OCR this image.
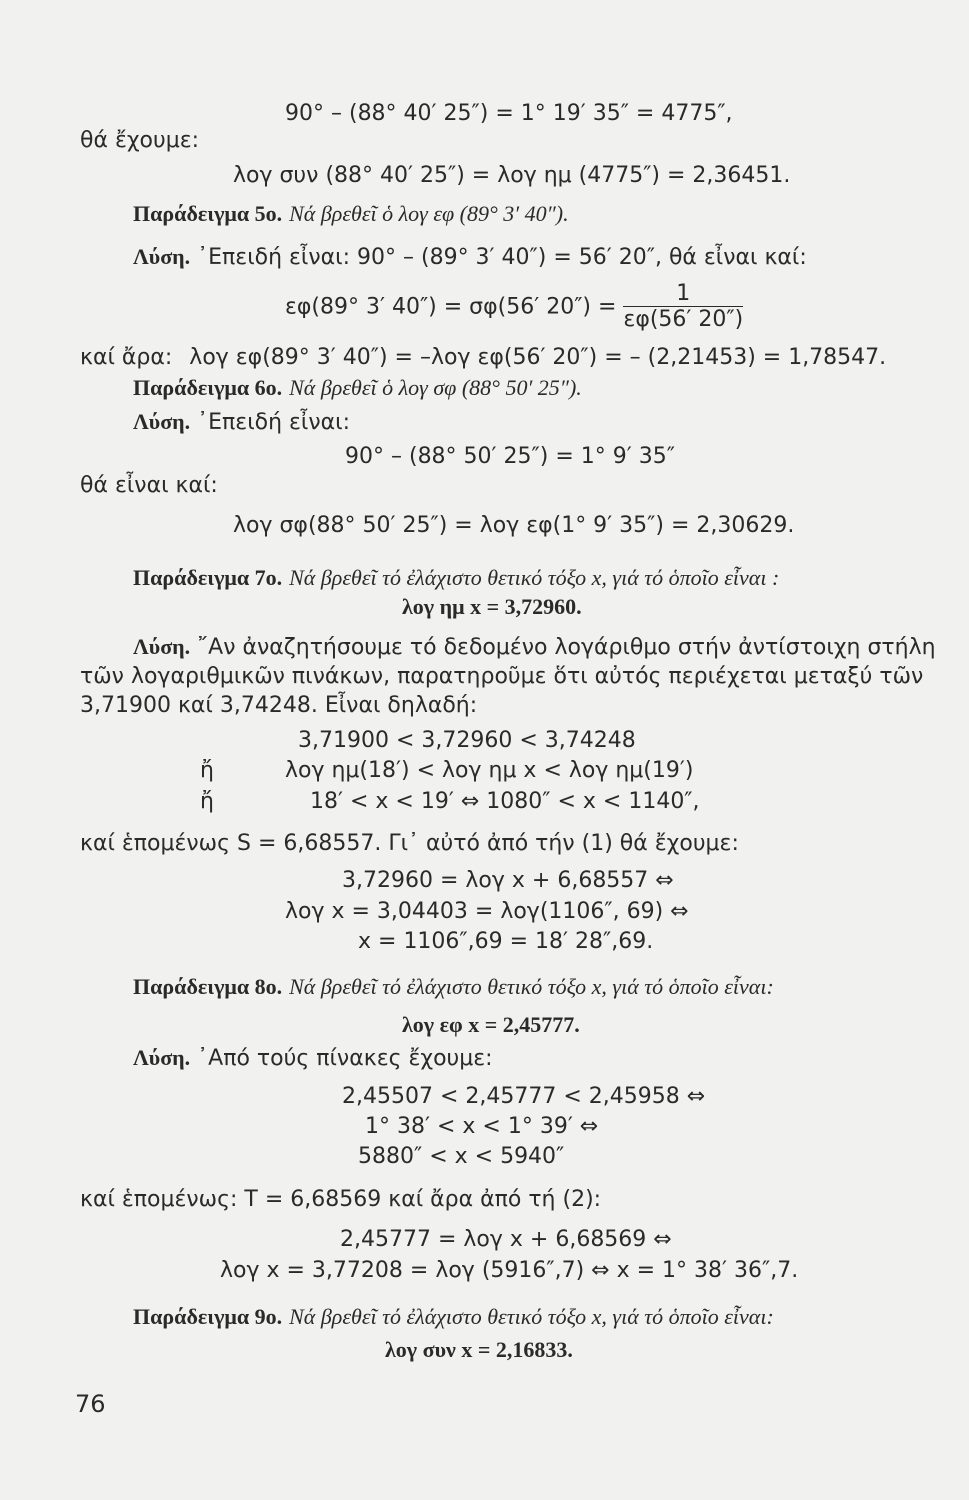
90° – (88° 40′ 25″) = 1° 19′ 35″ = 4775″,
θά ἔχουμε:
λογ συν (88° 40′ 25″) = λογ ημ (4775″) = 2,36451.
Παράδειγμα 5ο. Νά βρεθεῖ ὁ λογ εφ (89° 3′ 40″).
Λύση. ᾿Επειδή εἶναι: 90° – (89° 3′ 40″) = 56′ 20″, θά εἶναι καί:
εφ(89° 3′ 40″) = σφ(56′ $20'') = \frac{1}{\varepsilon\varphi(56' 20'')}$
καί ἄρα: λογ εφ(89° 3′ 40″) = –λογ εφ(56′ 20″) = – (2,21453) = 1,78547.
Παράδειγμα 6ο. Νά βρεθεῖ ὁ λογ σφ (88° 50′ 25″).
Λύση. ᾿Επειδή εἶναι:
90° – (88° 50′ 25″) = 1° 9′ 35″
θά εἶναι καί:
λογ σφ(88° 50′ 25″) = λογ εφ(1° 9′ 35″) = 2,30629.
Παράδειγμα 7ο. Νά βρεθεῖ τό ἐλάχιστο θετικό τόξο x, γιά τό ὁποῖο εἶναι :
λογ ημ x = 3,72960.
Λύση. ῎Αν ἀναζητήσουμε τό δεδομένο λογάριθμο στήν ἀντίστοιχη στήλη
τῶν λογαριθμικῶν πινάκων, παρατηροῦμε ὅτι αὐτός περιέχεται μεταξύ τῶν
3,71900 καί 3,74248. Εἶναι δηλαδή:
3,71900 < 3,72960 < 3,74248
ἤ	λογ ημ(18′) < λογ ημ x < λογ ημ(19′)
ἤ	18′ < x < 19′ ⇔ 1080″ < x < 1140″,
καί ἑπομένως S = 6,68557. Γι᾿ αὐτό ἀπό τήν (1) θά ἔχουμε:
3,72960 = λογ x + 6,68557 ⇔
λογ x = 3,04403 = λογ(1106″, 69) ⇔
x = 1106″,69 = 18′ 28″,69.
Παράδειγμα 8ο. Νά βρεθεῖ τό ἐλάχιστο θετικό τόξο x, γιά τό ὁποῖο εἶναι:
λογ εφ x = 2,45777.
Λύση. ᾿Από τούς πίνακες ἔχουμε:
2,45507 < 2,45777 < 2,45958 ⇔
1° 38′ < x < 1° 39′ ⇔
5880″ < x < 5940″
καί ἑπομένως: T = 6,68569 καί ἄρα ἀπό τή (2):
2,45777 = λογ x + 6,68569 ⇔
λογ x = 3,77208 = λογ (5916″,7) ⇔ x = 1° 38′ 36″,7.
Παράδειγμα 9ο. Νά βρεθεῖ τό ἐλάχιστο θετικό τόξο x, γιά τό ὁποῖο εἶναι:
λογ συν x = 2,16833.
76
